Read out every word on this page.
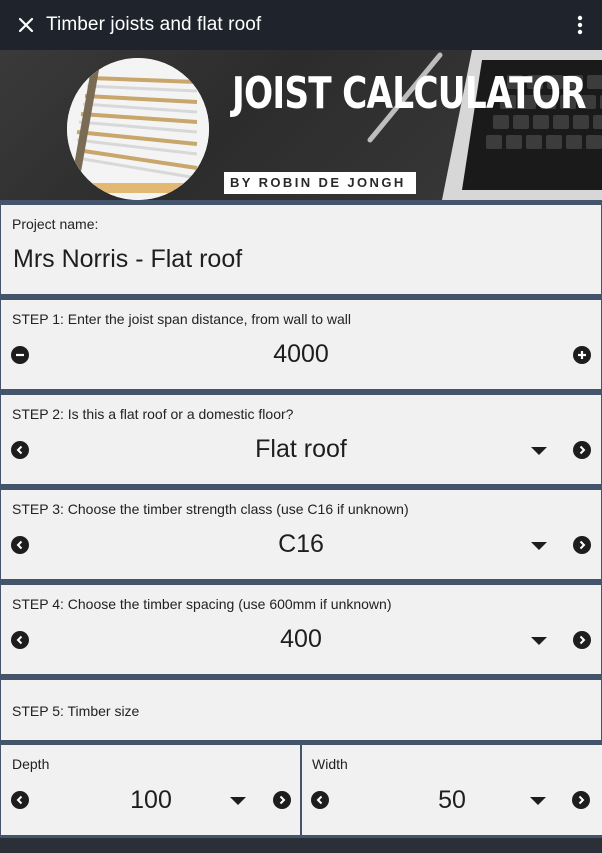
Timber joists and flat roof
JOIST CALCULATOR
BY ROBIN DE JONGH
Project name:
Mrs Norris - Flat roof
STEP 1: Enter the joist span distance, from wall to wall
4000
STEP 2: Is this a flat roof or a domestic floor?
Flat roof
STEP 3: Choose the timber strength class (use C16 if unknown)
C16
STEP 4: Choose the timber spacing (use 600mm if unknown)
400
STEP 5: Timber size
Depth
100
Width
50
